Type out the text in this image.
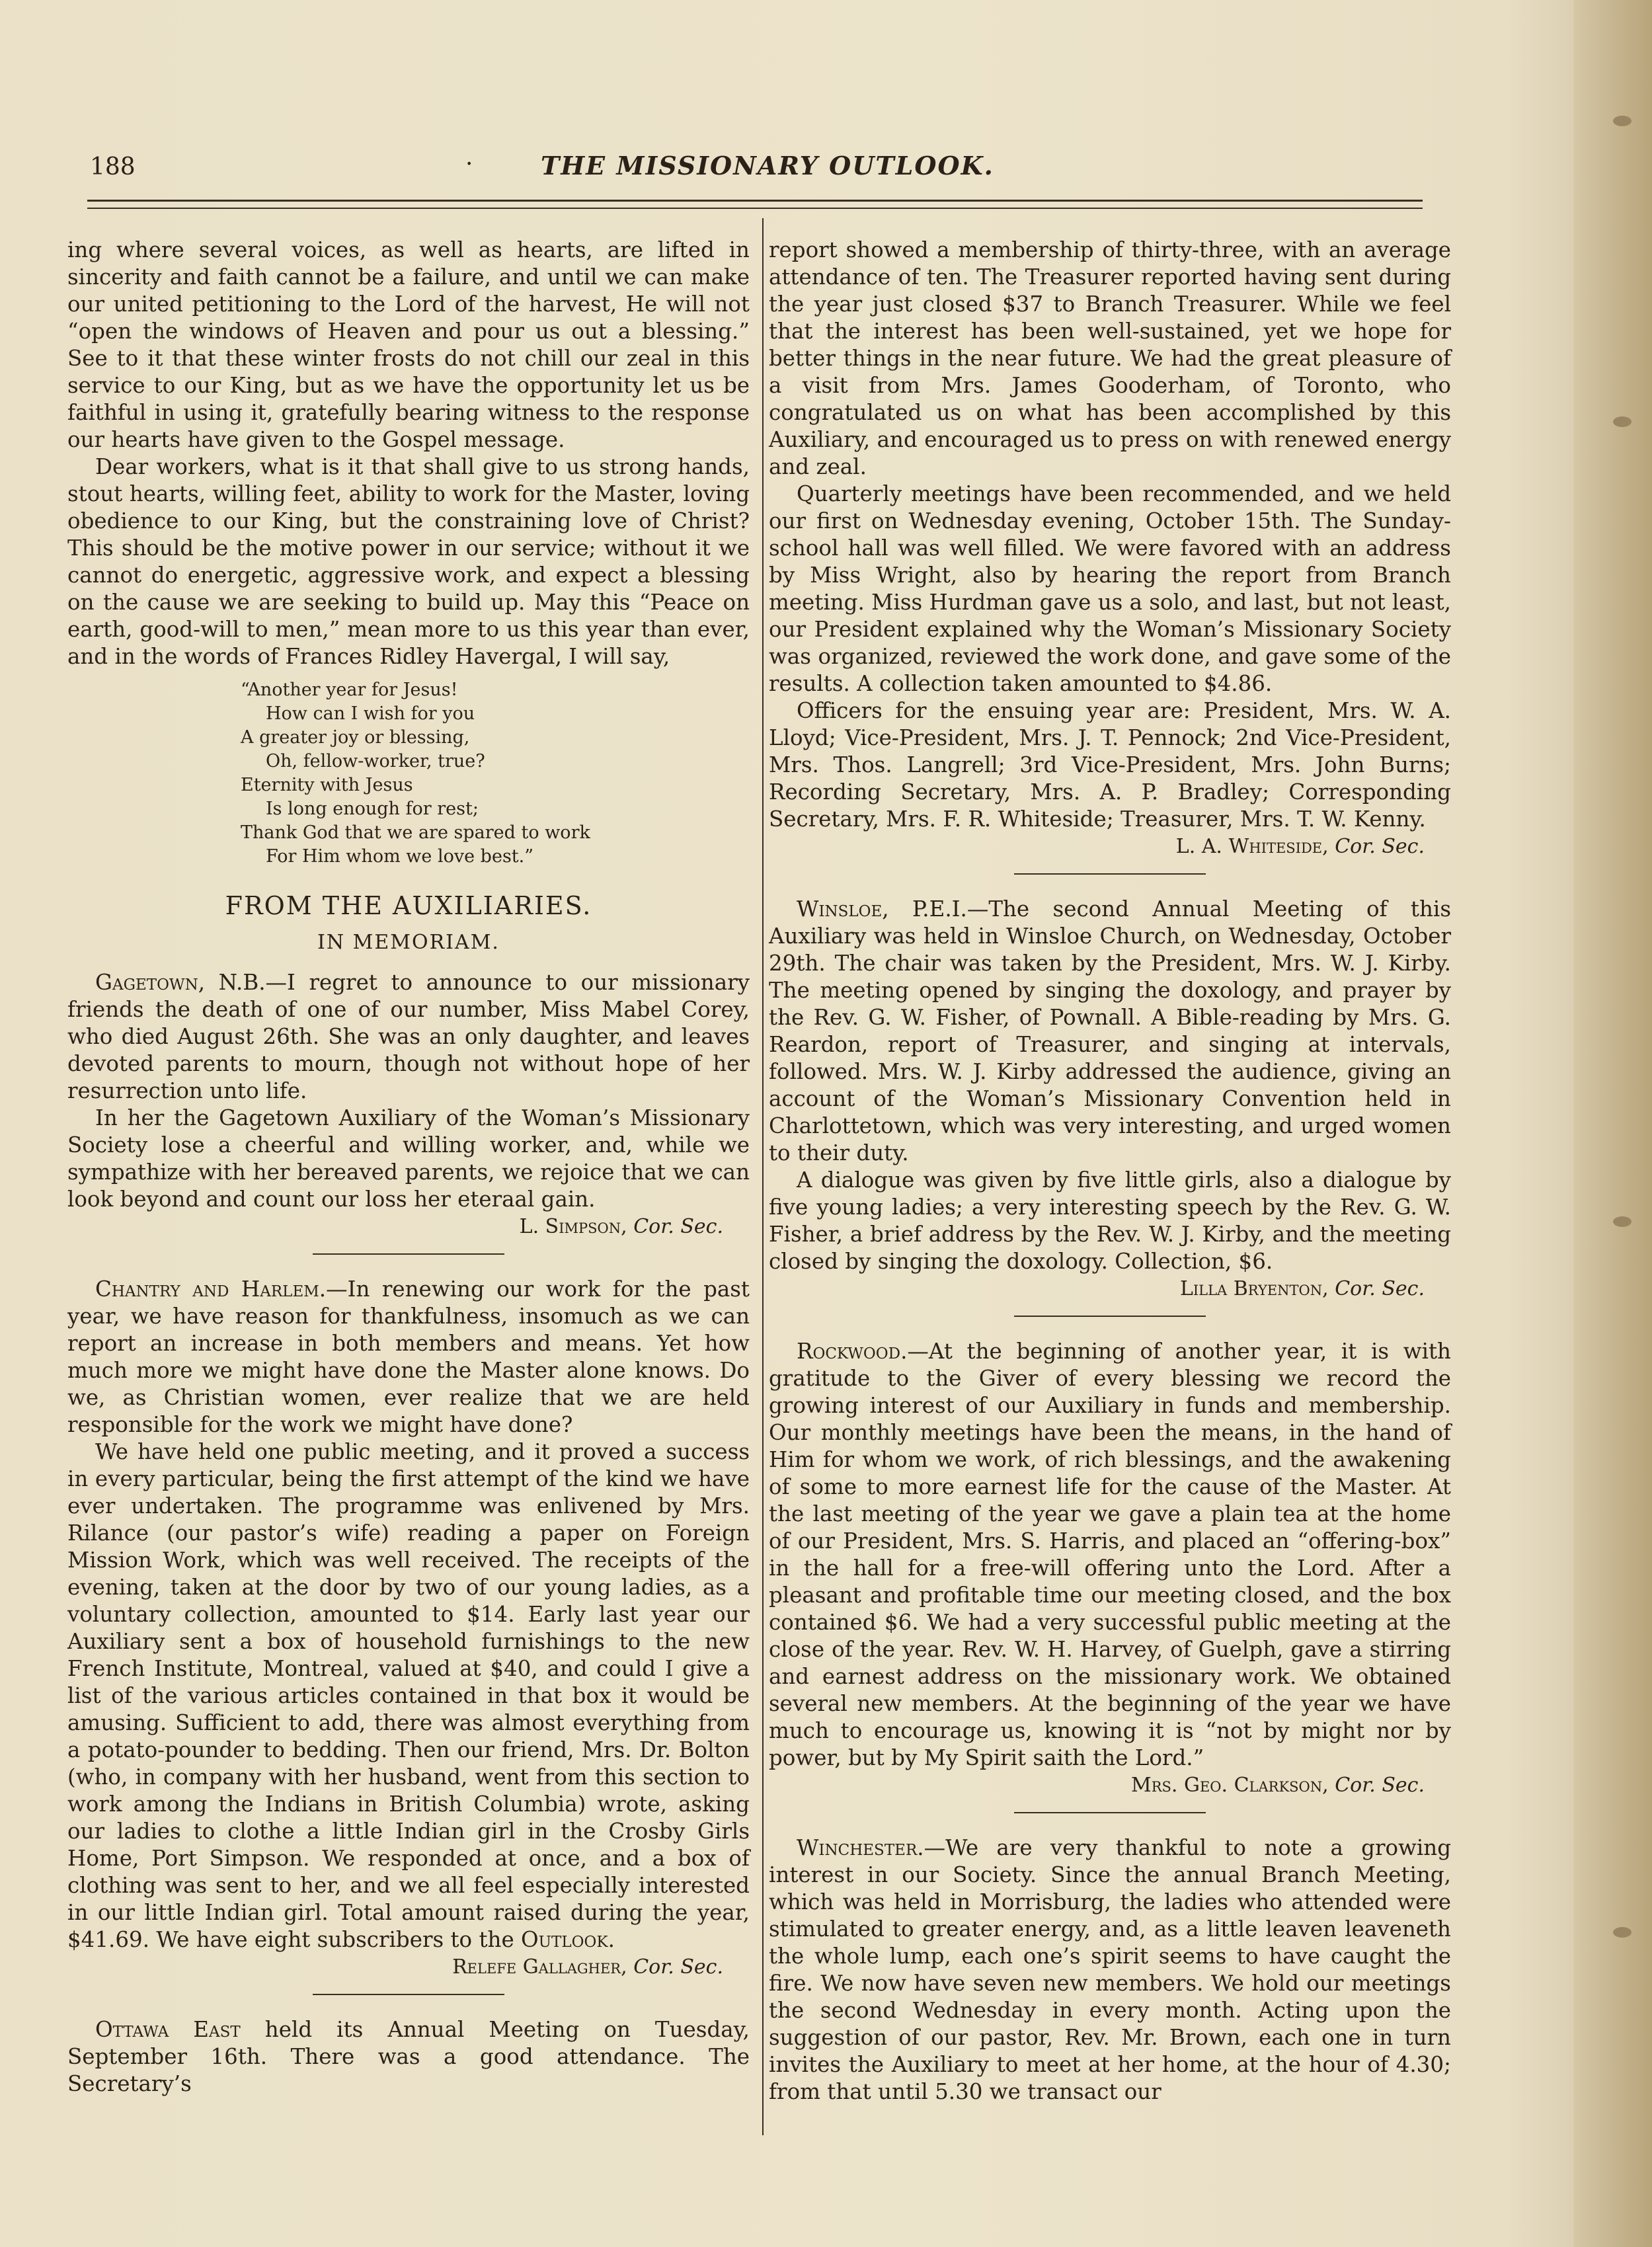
188	·	THE MISSIONARY OUTLOOK.

ing where several voices, as well as hearts, are lifted in sincerity and faith cannot be a failure, and until we can make our united petitioning to the Lord of the harvest, He will not “open the windows of Heaven and pour us out a blessing.” See to it that these winter frosts do not chill our zeal in this service to our King, but as we have the opportunity let us be faithful in using it, gratefully bearing witness to the response our hearts have given to the Gospel message.

Dear workers, what is it that shall give to us strong hands, stout hearts, willing feet, ability to work for the Master, loving obedience to our King, but the constraining love of Christ? This should be the motive power in our service; without it we cannot do energetic, aggressive work, and expect a blessing on the cause we are seeking to build up. May this “Peace on earth, good-will to men,” mean more to us this year than ever, and in the words of Frances Ridley Havergal, I will say,

“Another year for Jesus!
How can I wish for you
A greater joy or blessing,
Oh, fellow-worker, true?
Eternity with Jesus
Is long enough for rest;
Thank God that we are spared to work
For Him whom we love best.”
FROM THE AUXILIARIES.
IN MEMORIAM.

Gagetown, N.B.—I regret to announce to our missionary friends the death of one of our number, Miss Mabel Corey, who died August 26th. She was an only daughter, and leaves devoted parents to mourn, though not without hope of her resurrection unto life.

In her the Gagetown Auxiliary of the Woman’s Missionary Society lose a cheerful and willing worker, and, while we sympathize with her bereaved parents, we rejoice that we can look beyond and count our loss her eteraal gain.

L. Simpson, Cor. Sec.

Chantry and Harlem.—In renewing our work for the past year, we have reason for thankfulness, insomuch as we can report an increase in both members and means. Yet how much more we might have done the Master alone knows. Do we, as Christian women, ever realize that we are held responsible for the work we might have done?

We have held one public meeting, and it proved a success in every particular, being the first attempt of the kind we have ever undertaken. The programme was enlivened by Mrs. Rilance (our pastor’s wife) reading a paper on Foreign Mission Work, which was well received. The receipts of the evening, taken at the door by two of our young ladies, as a voluntary collection, amounted to $14. Early last year our Auxiliary sent a box of household furnishings to the new French Institute, Montreal, valued at $40, and could I give a list of the various articles contained in that box it would be amusing. Sufficient to add, there was almost everything from a potato-pounder to bedding. Then our friend, Mrs. Dr. Bolton (who, in company with her husband, went from this section to work among the Indians in British Columbia) wrote, asking our ladies to clothe a little Indian girl in the Crosby Girls Home, Port Simpson. We responded at once, and a box of clothing was sent to her, and we all feel especially interested in our little Indian girl. Total amount raised during the year, $41.69. We have eight subscribers to the Outlook.

Relefe Gallagher, Cor. Sec.

Ottawa East held its Annual Meeting on Tuesday, September 16th. There was a good attendance. The Secretary’s

report showed a membership of thirty-three, with an average attendance of ten. The Treasurer reported having sent during the year just closed $37 to Branch Treasurer. While we feel that the interest has been well-sustained, yet we hope for better things in the near future. We had the great pleasure of a visit from Mrs. James Gooderham, of Toronto, who congratulated us on what has been accomplished by this Auxiliary, and encouraged us to press on with renewed energy and zeal.

Quarterly meetings have been recommended, and we held our first on Wednesday evening, October 15th. The Sunday-school hall was well filled. We were favored with an address by Miss Wright, also by hearing the report from Branch meeting. Miss Hurdman gave us a solo, and last, but not least, our President explained why the Woman’s Missionary Society was organized, reviewed the work done, and gave some of the results. A collection taken amounted to $4.86.

Officers for the ensuing year are: President, Mrs. W. A. Lloyd; Vice-President, Mrs. J. T. Pennock; 2nd Vice-President, Mrs. Thos. Langrell; 3rd Vice-President, Mrs. John Burns; Recording Secretary, Mrs. A. P. Bradley; Corresponding Secretary, Mrs. F. R. Whiteside; Treasurer, Mrs. T. W. Kenny.

L. A. Whiteside, Cor. Sec.

Winsloe, P.E.I.—The second Annual Meeting of this Auxiliary was held in Winsloe Church, on Wednesday, October 29th. The chair was taken by the President, Mrs. W. J. Kirby. The meeting opened by singing the doxology, and prayer by the Rev. G. W. Fisher, of Pownall. A Bible-reading by Mrs. G. Reardon, report of Treasurer, and singing at intervals, followed. Mrs. W. J. Kirby addressed the audience, giving an account of the Woman’s Missionary Convention held in Charlottetown, which was very interesting, and urged women to their duty.

A dialogue was given by five little girls, also a dialogue by five young ladies; a very interesting speech by the Rev. G. W. Fisher, a brief address by the Rev. W. J. Kirby, and the meeting closed by singing the doxology. Collection, $6.

Lilla Bryenton, Cor. Sec.

Rockwood.—At the beginning of another year, it is with gratitude to the Giver of every blessing we record the growing interest of our Auxiliary in funds and membership. Our monthly meetings have been the means, in the hand of Him for whom we work, of rich blessings, and the awakening of some to more earnest life for the cause of the Master. At the last meeting of the year we gave a plain tea at the home of our President, Mrs. S. Harris, and placed an “offering-box” in the hall for a free-will offering unto the Lord. After a pleasant and profitable time our meeting closed, and the box contained $6. We had a very successful public meeting at the close of the year. Rev. W. H. Harvey, of Guelph, gave a stirring and earnest address on the missionary work. We obtained several new members. At the beginning of the year we have much to encourage us, knowing it is “not by might nor by power, but by My Spirit saith the Lord.”

Mrs. Geo. Clarkson, Cor. Sec.

Winchester.—We are very thankful to note a growing interest in our Society. Since the annual Branch Meeting, which was held in Morrisburg, the ladies who attended were stimulated to greater energy, and, as a little leaven leaveneth the whole lump, each one’s spirit seems to have caught the fire. We now have seven new members. We hold our meetings the second Wednesday in every month. Acting upon the suggestion of our pastor, Rev. Mr. Brown, each one in turn invites the Auxiliary to meet at her home, at the hour of 4.30; from that until 5.30 we transact our
